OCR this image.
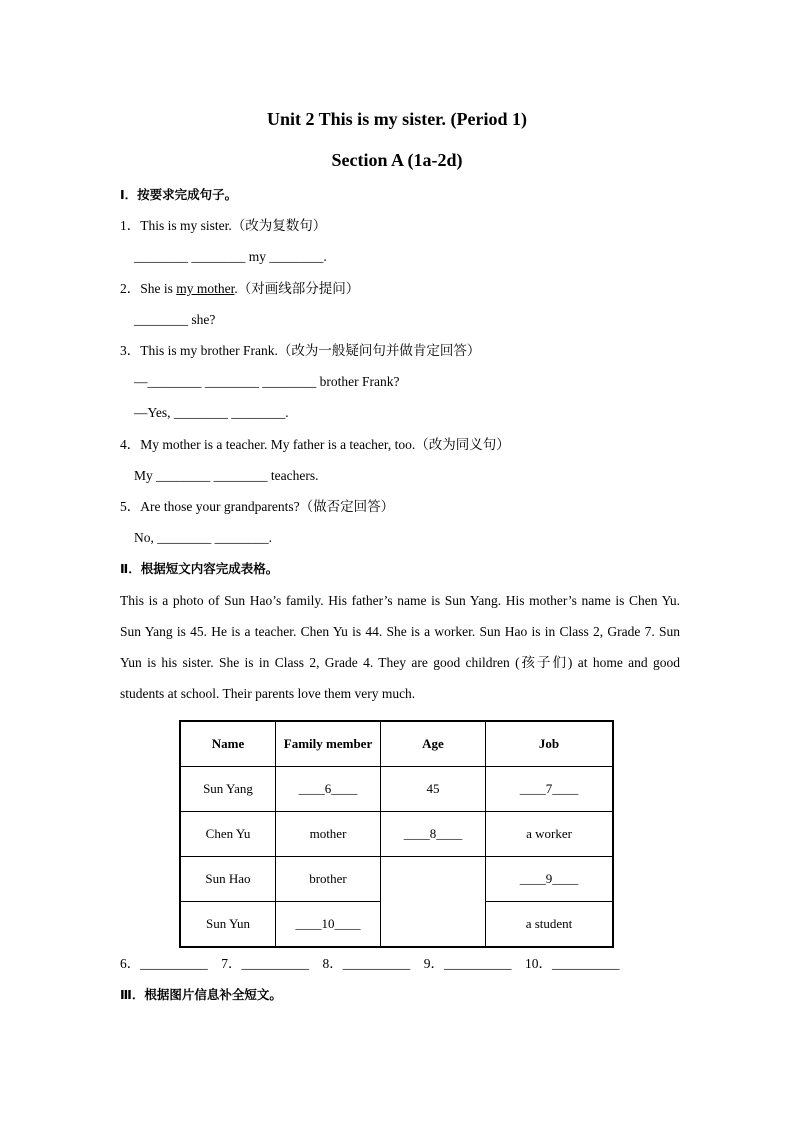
Unit 2 This is my sister. (Period 1)
Section A (1a-2d)
Ⅰ．按要求完成句子。
1．This is my sister.（改为复数句）
________ ________ my ________.
2．She is my mother.（对画线部分提问）
________ she?
3．This is my brother Frank.（改为一般疑问句并做肯定回答）
—________ ________ ________ brother Frank?
—Yes, ________ ________.
4．My mother is a teacher. My father is a teacher, too.（改为同义句）
My ________ ________ teachers.
5．Are those your grandparents?（做否定回答）
No, ________ ________.
Ⅱ．根据短文内容完成表格。
This is a photo of Sun Hao’s family. His father’s name is Sun Yang. His mother’s name is Chen Yu. Sun Yang is 45. He is a teacher. Chen Yu is 44. She is a worker. Sun Hao is in Class 2, Grade 7. Sun Yun is his sister. She is in Class 2, Grade 4. They are good children (孩子们) at home and good students at school. Their parents love them very much.
Name	Family member	Age	Job
Sun Yang	____6____	45	____7____
Chen Yu	mother	____8____	a worker
Sun Hao	brother		____9____
Sun Yun	____10____		a student
6．__________    7．__________    8．__________    9．__________    10．__________
Ⅲ．根据图片信息补全短文。
